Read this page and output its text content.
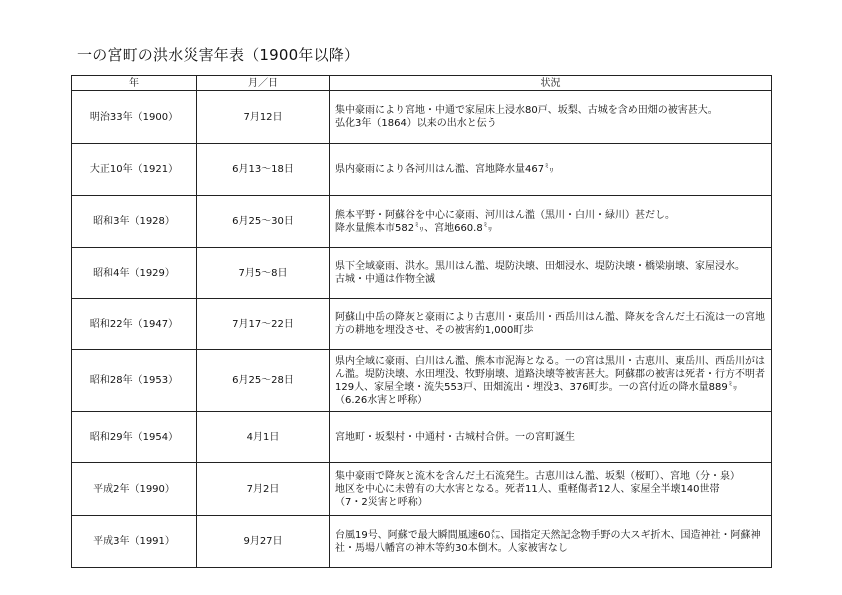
一の宮町の洪水災害年表（1900年以降）
年	月／日	状況
明治33年（1900）	7月12日	集中豪雨により宮地・中通で家屋床上浸水80戸、坂梨、古城を含め田畑の被害甚大。
弘化3年（1864）以来の出水と伝う

大正10年（1921）	6月13～18日	県内豪雨により各河川はん濫、宮地降水量467㍉

昭和3年（1928）	6月25～30日	熊本平野・阿蘇谷を中心に豪雨、河川はん濫（黒川・白川・緑川）甚だし。
降水量熊本市582㍉、宮地660.8㍉

昭和4年（1929）	7月5～8日	県下全域豪雨、洪水。黒川はん濫、堤防決壊、田畑浸水、堤防決壊・橋梁崩壊、家屋浸水。
古城・中通は作物全滅

昭和22年（1947）	7月17～22日	阿蘇山中岳の降灰と豪雨により古恵川・東岳川・西岳川はん濫、降灰を含んだ土石流は一の宮地方の耕地を埋没させ、その被害約1,000町歩

昭和28年（1953）	6月25～28日	県内全域に豪雨、白川はん濫、熊本市泥海となる。一の宮は黒川・古恵川、東岳川、西岳川がはん濫。堤防決壊、水田埋没、牧野崩壊、道路決壊等被害甚大。阿蘇郡の被害は死者・行方不明者129人、家屋全壊・流失553戸、田畑流出・埋没3、376町歩。一の宮付近の降水量889㍉（6.26水害と呼称）

昭和29年（1954）	4月1日	宮地町・坂梨村・中通村・古城村合併。一の宮町誕生

平成2年（1990）	7月2日	集中豪雨で降灰と流木を含んだ土石流発生。古恵川はん濫、坂梨（桜町）、宮地（分・泉）
地区を中心に未曾有の大水害となる。死者11人、重軽傷者12人、家屋全半壊140世帯
（7・2災害と呼称）

平成3年（1991）	9月27日	台風19号、阿蘇で最大瞬間風速60㍍、国指定天然記念物手野の大スギ折木、国造神社・阿蘇神社・馬場八幡宮の神木等約30本倒木。人家被害なし
